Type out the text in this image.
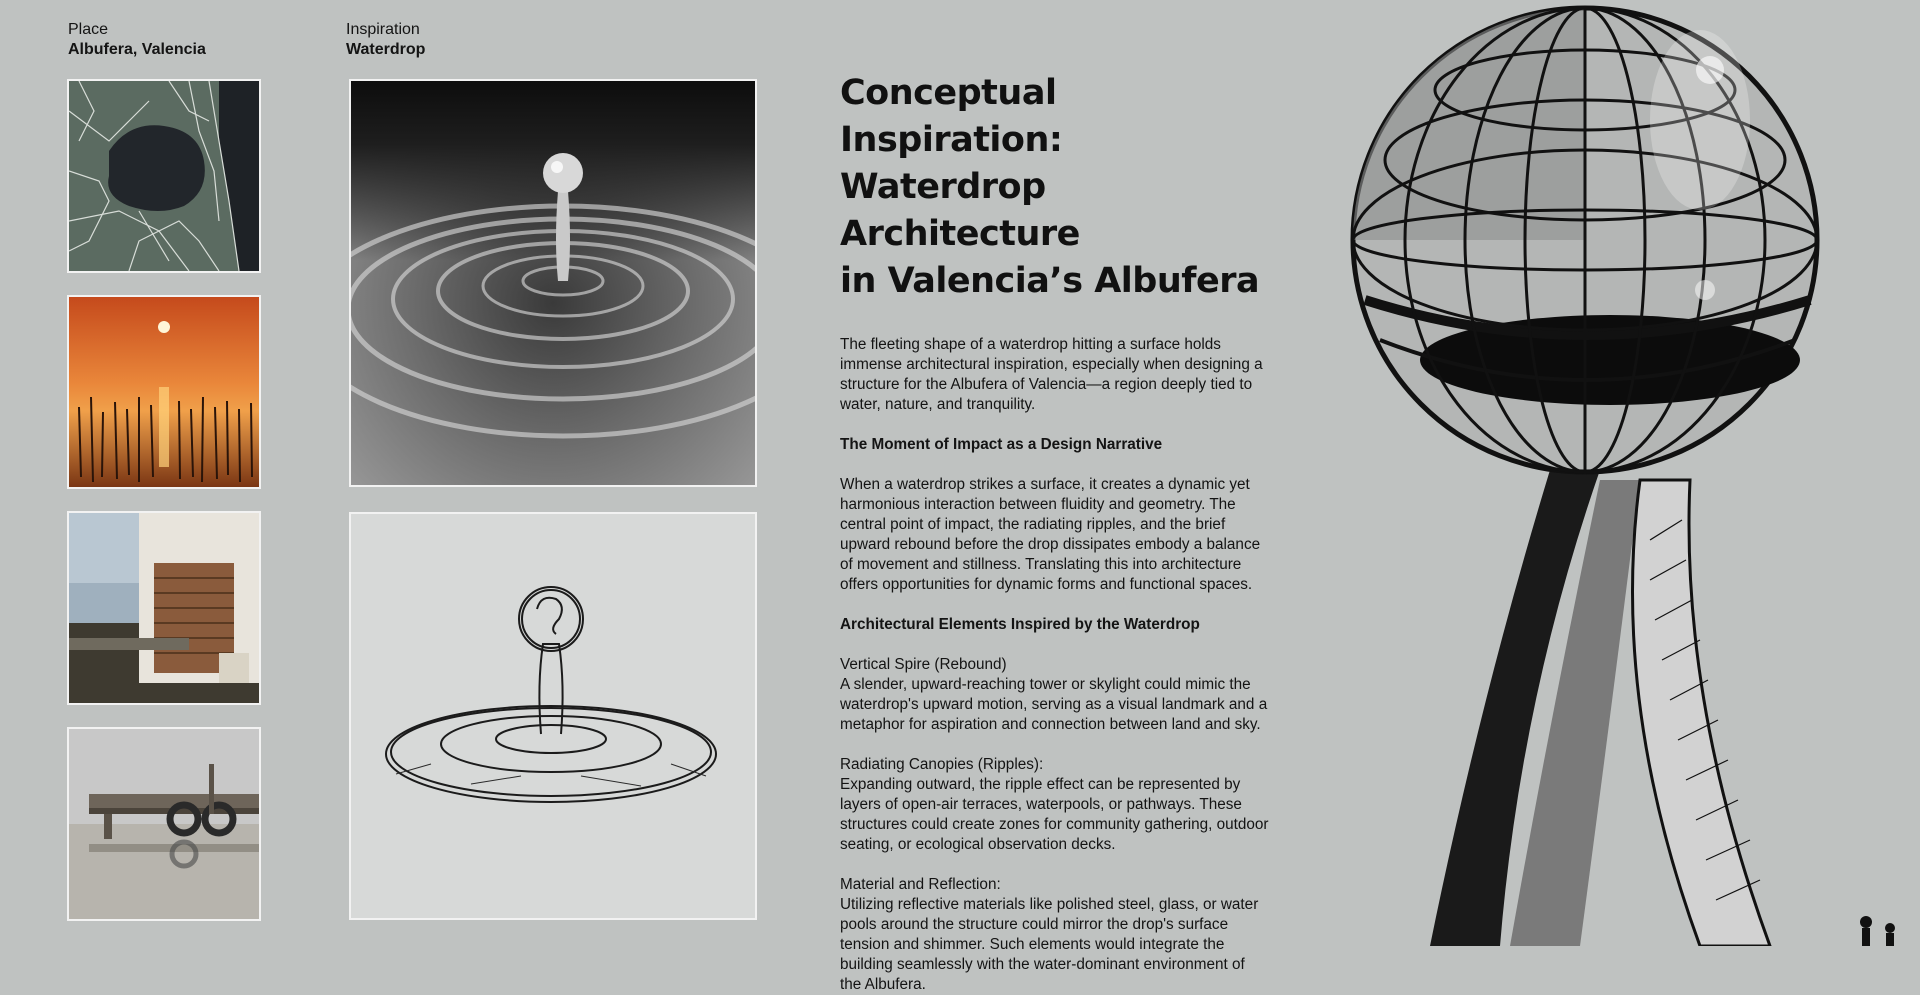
Place
Albufera, Valencia
Inspiration
Waterdrop
Conceptual Inspiration:
Waterdrop Architecture
in Valencia’s Albufera

The fleeting shape of a waterdrop hitting a surface holds immense architectural inspiration, especially when designing a structure for the Albufera of Valencia—a region deeply tied to water, nature, and tranquility.

The Moment of Impact as a Design Narrative

When a waterdrop strikes a surface, it creates a dynamic yet harmonious interaction between fluidity and geometry. The central point of impact, the radiating ripples, and the brief upward rebound before the drop dissipates embody a balance of movement and stillness. Translating this into architecture offers opportunities for dynamic forms and functional spaces.

Architectural Elements Inspired by the Waterdrop

Vertical Spire (Rebound)

A slender, upward-reaching tower or skylight could mimic the waterdrop's upward motion, serving as a visual landmark and a metaphor for aspiration and connection between land and sky.

Radiating Canopies (Ripples):

Expanding outward, the ripple effect can be represented by layers of open-air terraces, waterpools, or pathways. These structures could create zones for community gathering, outdoor seating, or ecological observation decks.

Material and Reflection:

Utilizing reflective materials like polished steel, glass, or water pools around the structure could mirror the drop's surface tension and shimmer. Such elements would integrate the building seamlessly with the water-dominant environment of the Albufera.
